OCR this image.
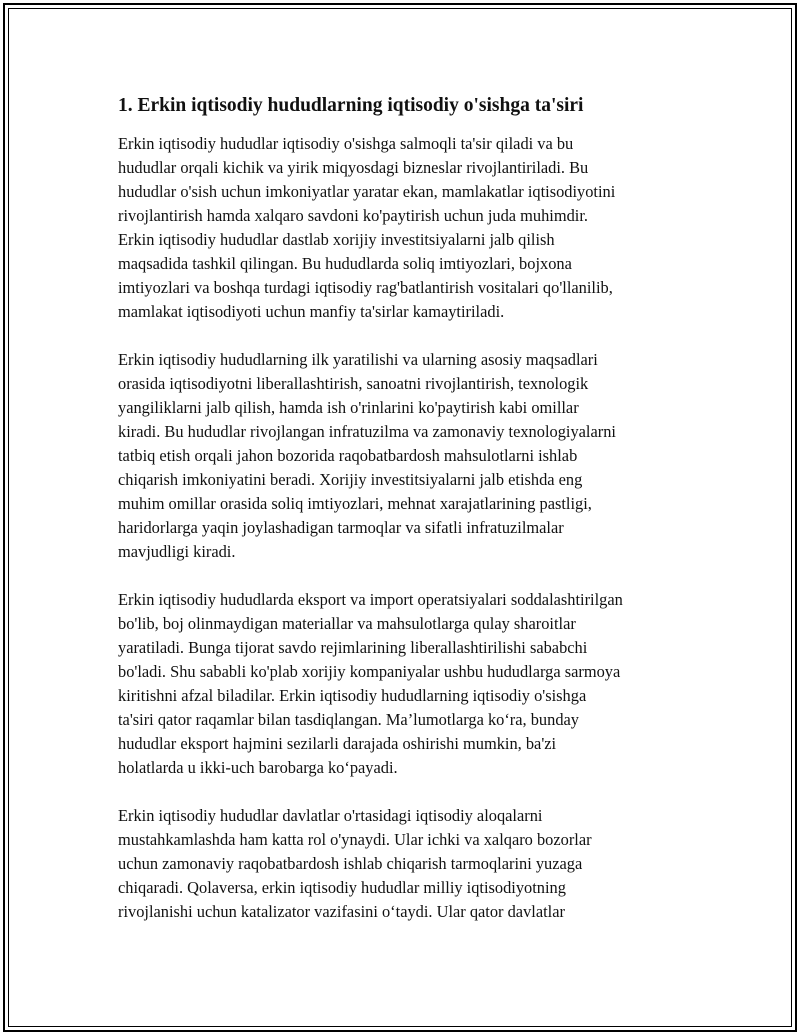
1. Erkin iqtisodiy hududlarning iqtisodiy o'sishga ta'siri

Erkin iqtisodiy hududlar iqtisodiy o'sishga salmoqli ta'sir qiladi va bu
hududlar orqali kichik va yirik miqyosdagi bizneslar rivojlantiriladi. Bu
hududlar o'sish uchun imkoniyatlar yaratar ekan, mamlakatlar iqtisodiyotini
rivojlantirish hamda xalqaro savdoni ko'paytirish uchun juda muhimdir.
Erkin iqtisodiy hududlar dastlab xorijiy investitsiyalarni jalb qilish
maqsadida tashkil qilingan. Bu hududlarda soliq imtiyozlari, bojxona
imtiyozlari va boshqa turdagi iqtisodiy rag'batlantirish vositalari qo'llanilib,
mamlakat iqtisodiyoti uchun manfiy ta'sirlar kamaytiriladi.

Erkin iqtisodiy hududlarning ilk yaratilishi va ularning asosiy maqsadlari
orasida iqtisodiyotni liberallashtirish, sanoatni rivojlantirish, texnologik
yangiliklarni jalb qilish, hamda ish o'rinlarini ko'paytirish kabi omillar
kiradi. Bu hududlar rivojlangan infratuzilma va zamonaviy texnologiyalarni
tatbiq etish orqali jahon bozorida raqobatbardosh mahsulotlarni ishlab
chiqarish imkoniyatini beradi. Xorijiy investitsiyalarni jalb etishda eng
muhim omillar orasida soliq imtiyozlari, mehnat xarajatlarining pastligi,
haridorlarga yaqin joylashadigan tarmoqlar va sifatli infratuzilmalar
mavjudligi kiradi.

Erkin iqtisodiy hududlarda eksport va import operatsiyalari soddalashtirilgan
bo'lib, boj olinmaydigan materiallar va mahsulotlarga qulay sharoitlar
yaratiladi. Bunga tijorat savdo rejimlarining liberallashtirilishi sababchi
bo'ladi. Shu sababli ko'plab xorijiy kompaniyalar ushbu hududlarga sarmoya
kiritishni afzal biladilar. Erkin iqtisodiy hududlarning iqtisodiy o'sishga
ta'siri qator raqamlar bilan tasdiqlangan. Ma’lumotlarga ko‘ra, bunday
hududlar eksport hajmini sezilarli darajada oshirishi mumkin, ba'zi
holatlarda u ikki-uch barobarga ko‘payadi.

Erkin iqtisodiy hududlar davlatlar o'rtasidagi iqtisodiy aloqalarni
mustahkamlashda ham katta rol o'ynaydi. Ular ichki va xalqaro bozorlar
uchun zamonaviy raqobatbardosh ishlab chiqarish tarmoqlarini yuzaga
chiqaradi. Qolaversa, erkin iqtisodiy hududlar milliy iqtisodiyotning
rivojlanishi uchun katalizator vazifasini o‘taydi. Ular qator davlatlar
